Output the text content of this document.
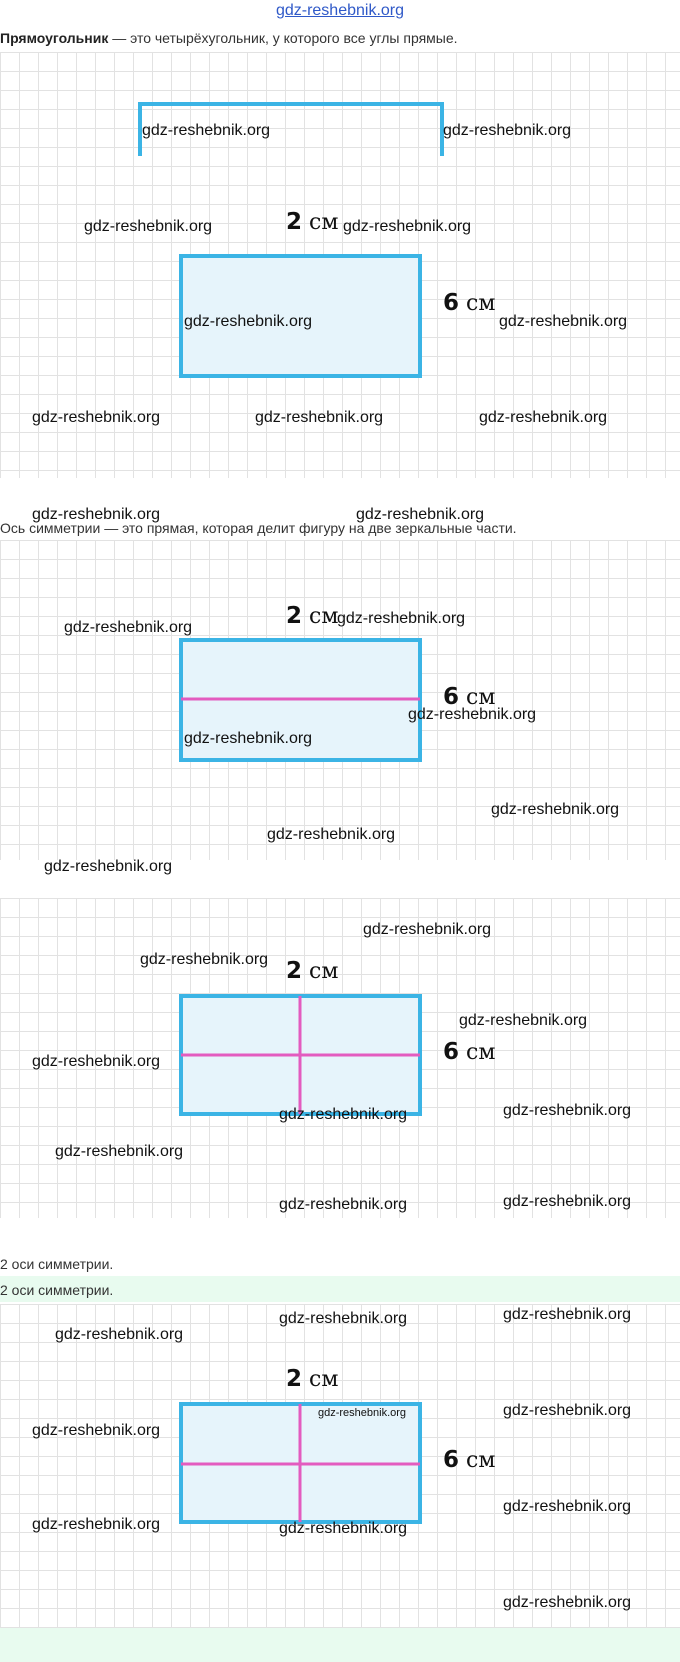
gdz-reshebnik.org
Прямоугольник — это четырёхугольник, у которого все углы прямые.
2 см
6 см
gdz-reshebnik.org	gdz-reshebnik.org
gdz-reshebnik.org	gdz-reshebnik.org
gdz-reshebnik.org	gdz-reshebnik.org
gdz-reshebnik.org	gdz-reshebnik.org	gdz-reshebnik.org
gdz-reshebnik.org	gdz-reshebnik.org
Ось симметрии — это прямая, которая делит фигуру на две зеркальные части.
2 см
6 см
gdz-reshebnik.org
gdz-reshebnik.org
gdz-reshebnik.org
gdz-reshebnik.org
gdz-reshebnik.org
gdz-reshebnik.org
gdz-reshebnik.org
2 см
6 см
gdz-reshebnik.org
gdz-reshebnik.org
gdz-reshebnik.org
gdz-reshebnik.org
gdz-reshebnik.org	gdz-reshebnik.org
gdz-reshebnik.org
gdz-reshebnik.org	gdz-reshebnik.org
2 оси симметрии.
2 оси симметрии.
2 см
6 см
gdz-reshebnik.org	gdz-reshebnik.org
gdz-reshebnik.org
gdz-reshebnik.org	gdz-reshebnik.org
gdz-reshebnik.org
gdz-reshebnik.org	gdz-reshebnik.org
gdz-reshebnik.org
gdz-reshebnik.org
